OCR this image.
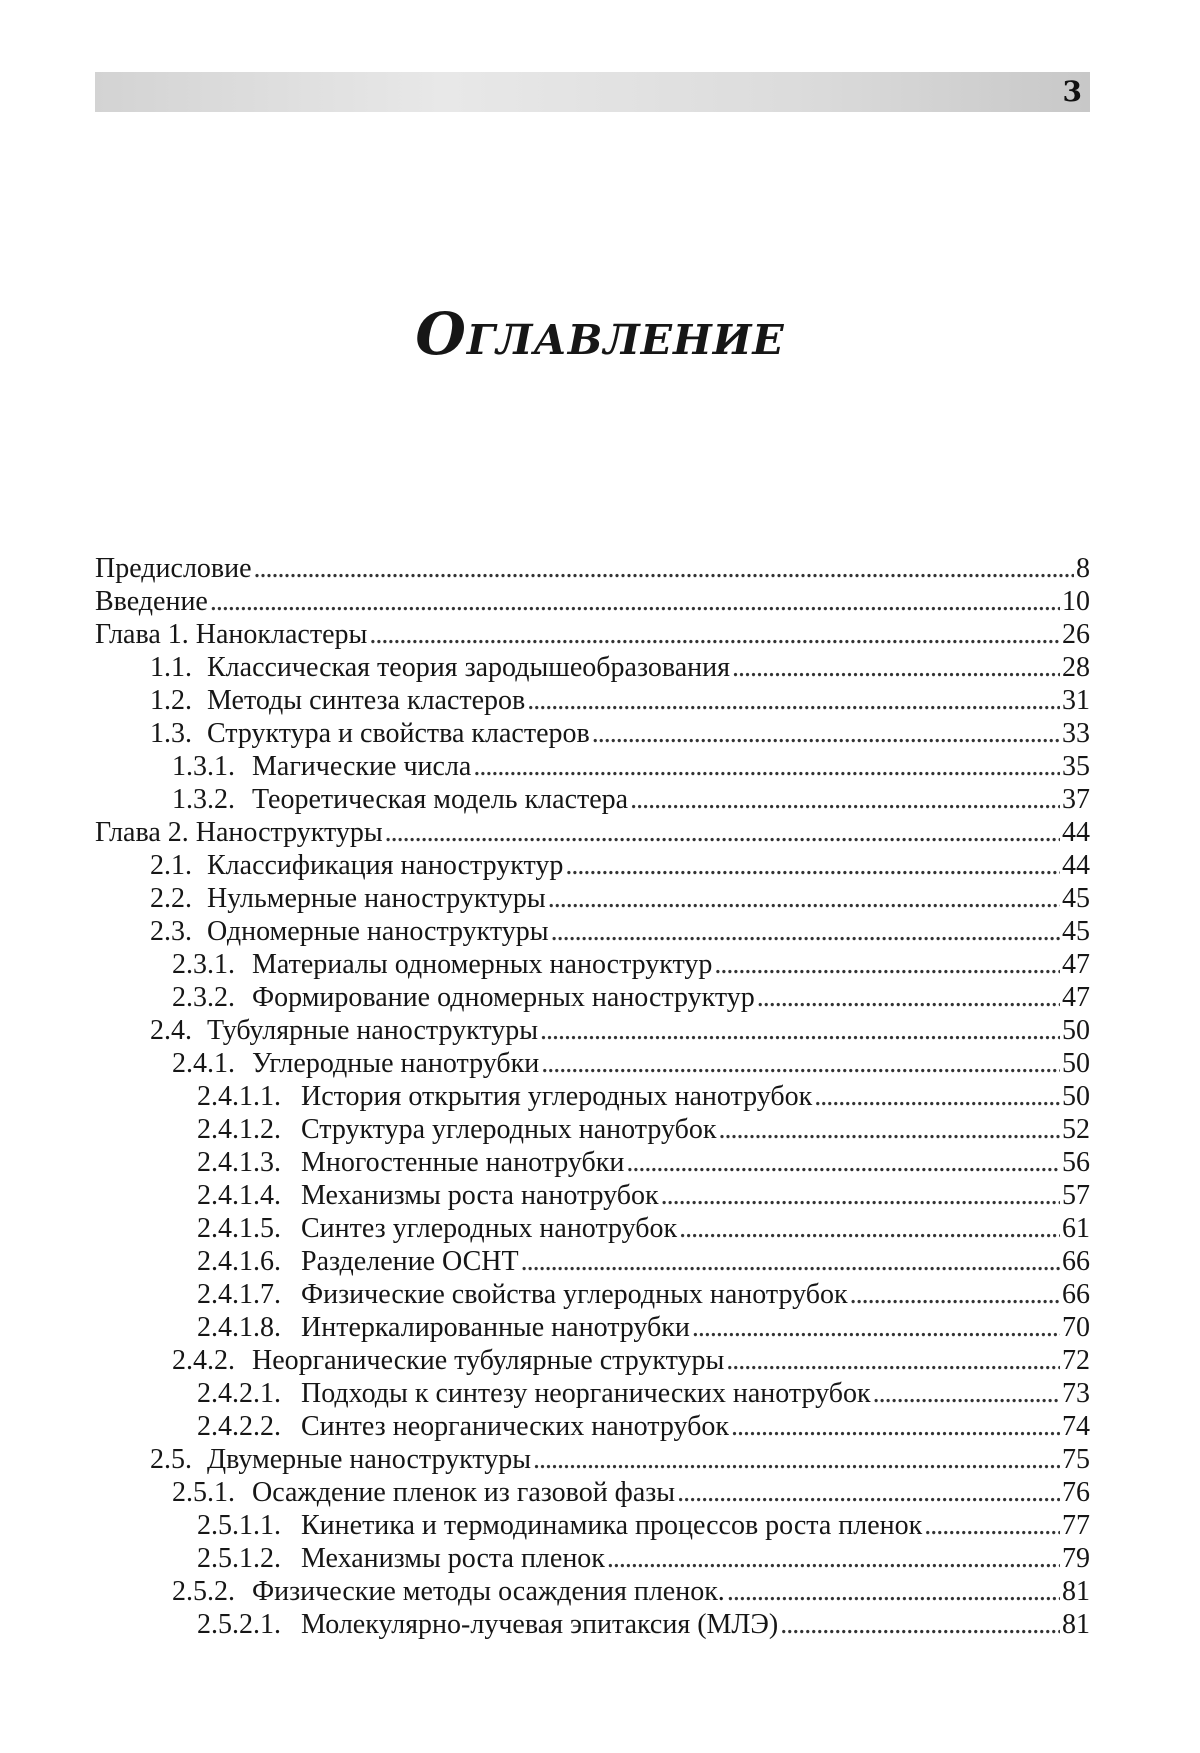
3
Оглавление
Предисловие . . .	8
Введение . . .	10
Глава 1. Нанокластеры . . .	26
1.1. Классическая теория зародышеобразования . . .	28
1.2. Методы синтеза кластеров . . .	31
1.3. Структура и свойства кластеров . . .	33
1.3.1. Магические числа . . .	35
1.3.2. Теоретическая модель кластера . . .	37
Глава 2. Наноструктуры . . .	44
2.1. Классификация наноструктур . . .	44
2.2. Нульмерные наноструктуры . . .	45
2.3. Одномерные наноструктуры . . .	45
2.3.1. Материалы одномерных наноструктур . . .	47
2.3.2. Формирование одномерных наноструктур . . .	47
2.4. Тубулярные наноструктуры . . .	50
2.4.1. Углеродные нанотрубки . . .	50
2.4.1.1. История открытия углеродных нанотрубок . . .	50
2.4.1.2. Структура углеродных нанотрубок . . .	52
2.4.1.3. Многостенные нанотрубки . . .	56
2.4.1.4. Механизмы роста нанотрубок . . .	57
2.4.1.5. Синтез углеродных нанотрубок . . .	61
2.4.1.6. Разделение ОСНТ . . .	66
2.4.1.7. Физические свойства углеродных нанотрубок . . .	66
2.4.1.8. Интеркалированные нанотрубки . . .	70
2.4.2. Неорганические тубулярные структуры . . .	72
2.4.2.1. Подходы к синтезу неорганических нанотрубок . . .	73
2.4.2.2. Синтез неорганических нанотрубок . . .	74
2.5. Двумерные наноструктуры . . .	75
2.5.1. Осаждение пленок из газовой фазы . . .	76
2.5.1.1. Кинетика и термодинамика процессов роста пленок . . .	77
2.5.1.2. Механизмы роста пленок . . .	79
2.5.2. Физические методы осаждения пленок. . . .	81
2.5.2.1. Молекулярно-лучевая эпитаксия (МЛЭ) . . .	81
